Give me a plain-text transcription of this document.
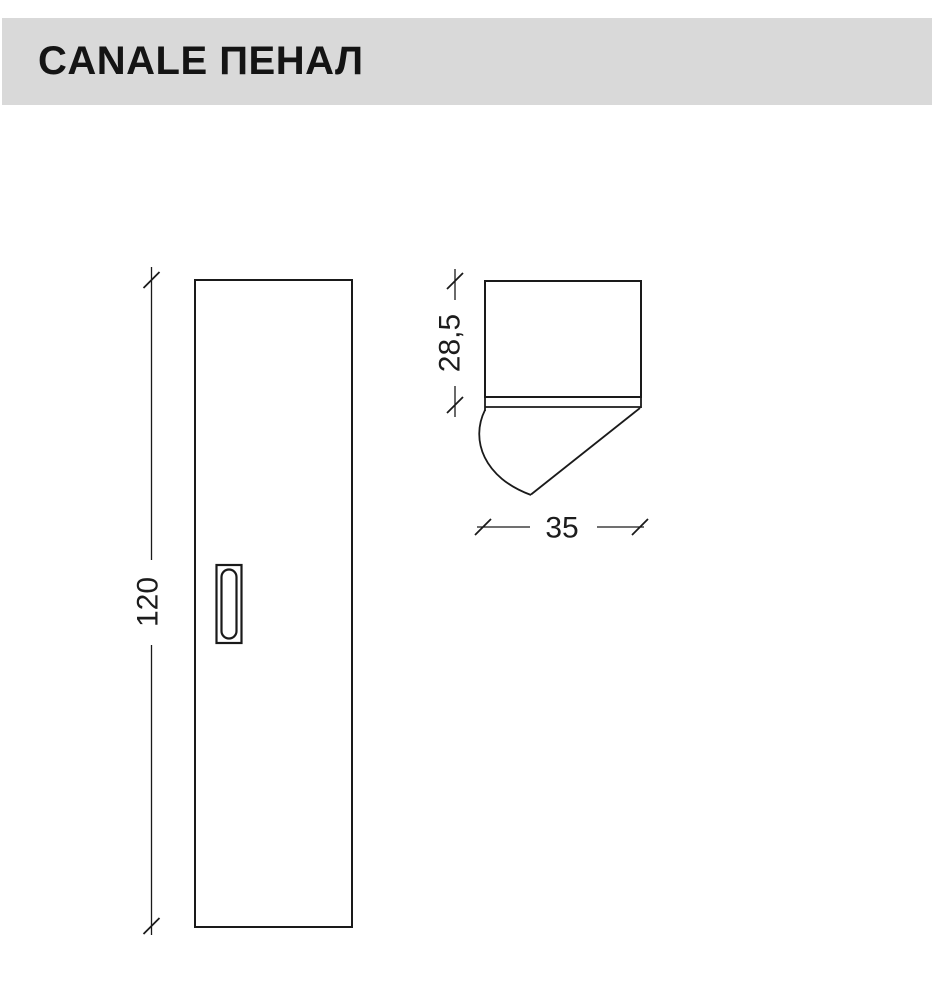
CANALE ПЕНАЛ
120
28,5
35
